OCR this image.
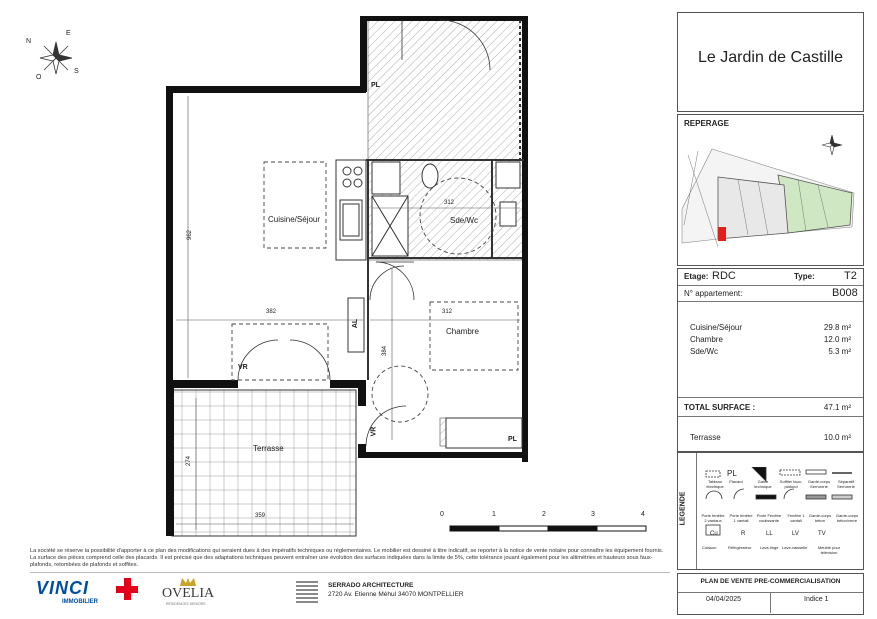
Cuisine/Séjour	Sde/Wc
Chambre
Terrasse
962
382	312
312
384
274
359
PL
PL
VR
VR
AL
N
S
E
O
0	1	2	3	4
Le Jardin de Castille
REPERAGE
Etage: RDC	Type:	T2
N° appartement:	B008
Cuisine/Séjour	29.8 m²
Chambre	12.0 m²
Sde/Wc	5.3 m²
TOTAL SURFACE :	47.1 m²
Terrasse	10.0 m²
LEGENDE
PL
Tableau électrique
Placard	Gaine technique
Soffite/ faux-plafond
Garde-corps Serrurerie
Séparatif Serrurerie
Porte fenêtre 2 vantaux
Porte fenêtre 1 vantail
Porte Fenêtre coulissante
Fenêtre 1 vantail
Garde-corps béton
Garde-corps béton/verre
Cu	R	LL	LV	TV
Cuisson	Réfrigérateur Lave-linge Lave-vaisselle	Meuble pour télévision
La société se réserve la possibilité d'apporter à ce plan des modifications qui seraient dues à des impératifs techniques ou réglementaires. Le mobilier est dessiné à titre indicatif, se reporter à la notice de vente notaire pour connaître les équipement fournis. La surface des pièces comprend celle des placards. Il est précisé que des adaptations techniques peuvent entraîner une évolution des surfaces indiquées dans la limite de 5%, cette tolérance jouant également pour les altimétries et hauteurs sous faux-plafonds, retombées de plafonds et soffites.
VINCI
IMMOBILIER
OVELIA
RÉSIDENCES SENIORS
SERRADO ARCHITECTURE
2720 Av. Etienne Méhul 34070 MONTPELLIER
PLAN DE VENTE PRE-COMMERCIALISATION
04/04/2025	Indice 1
